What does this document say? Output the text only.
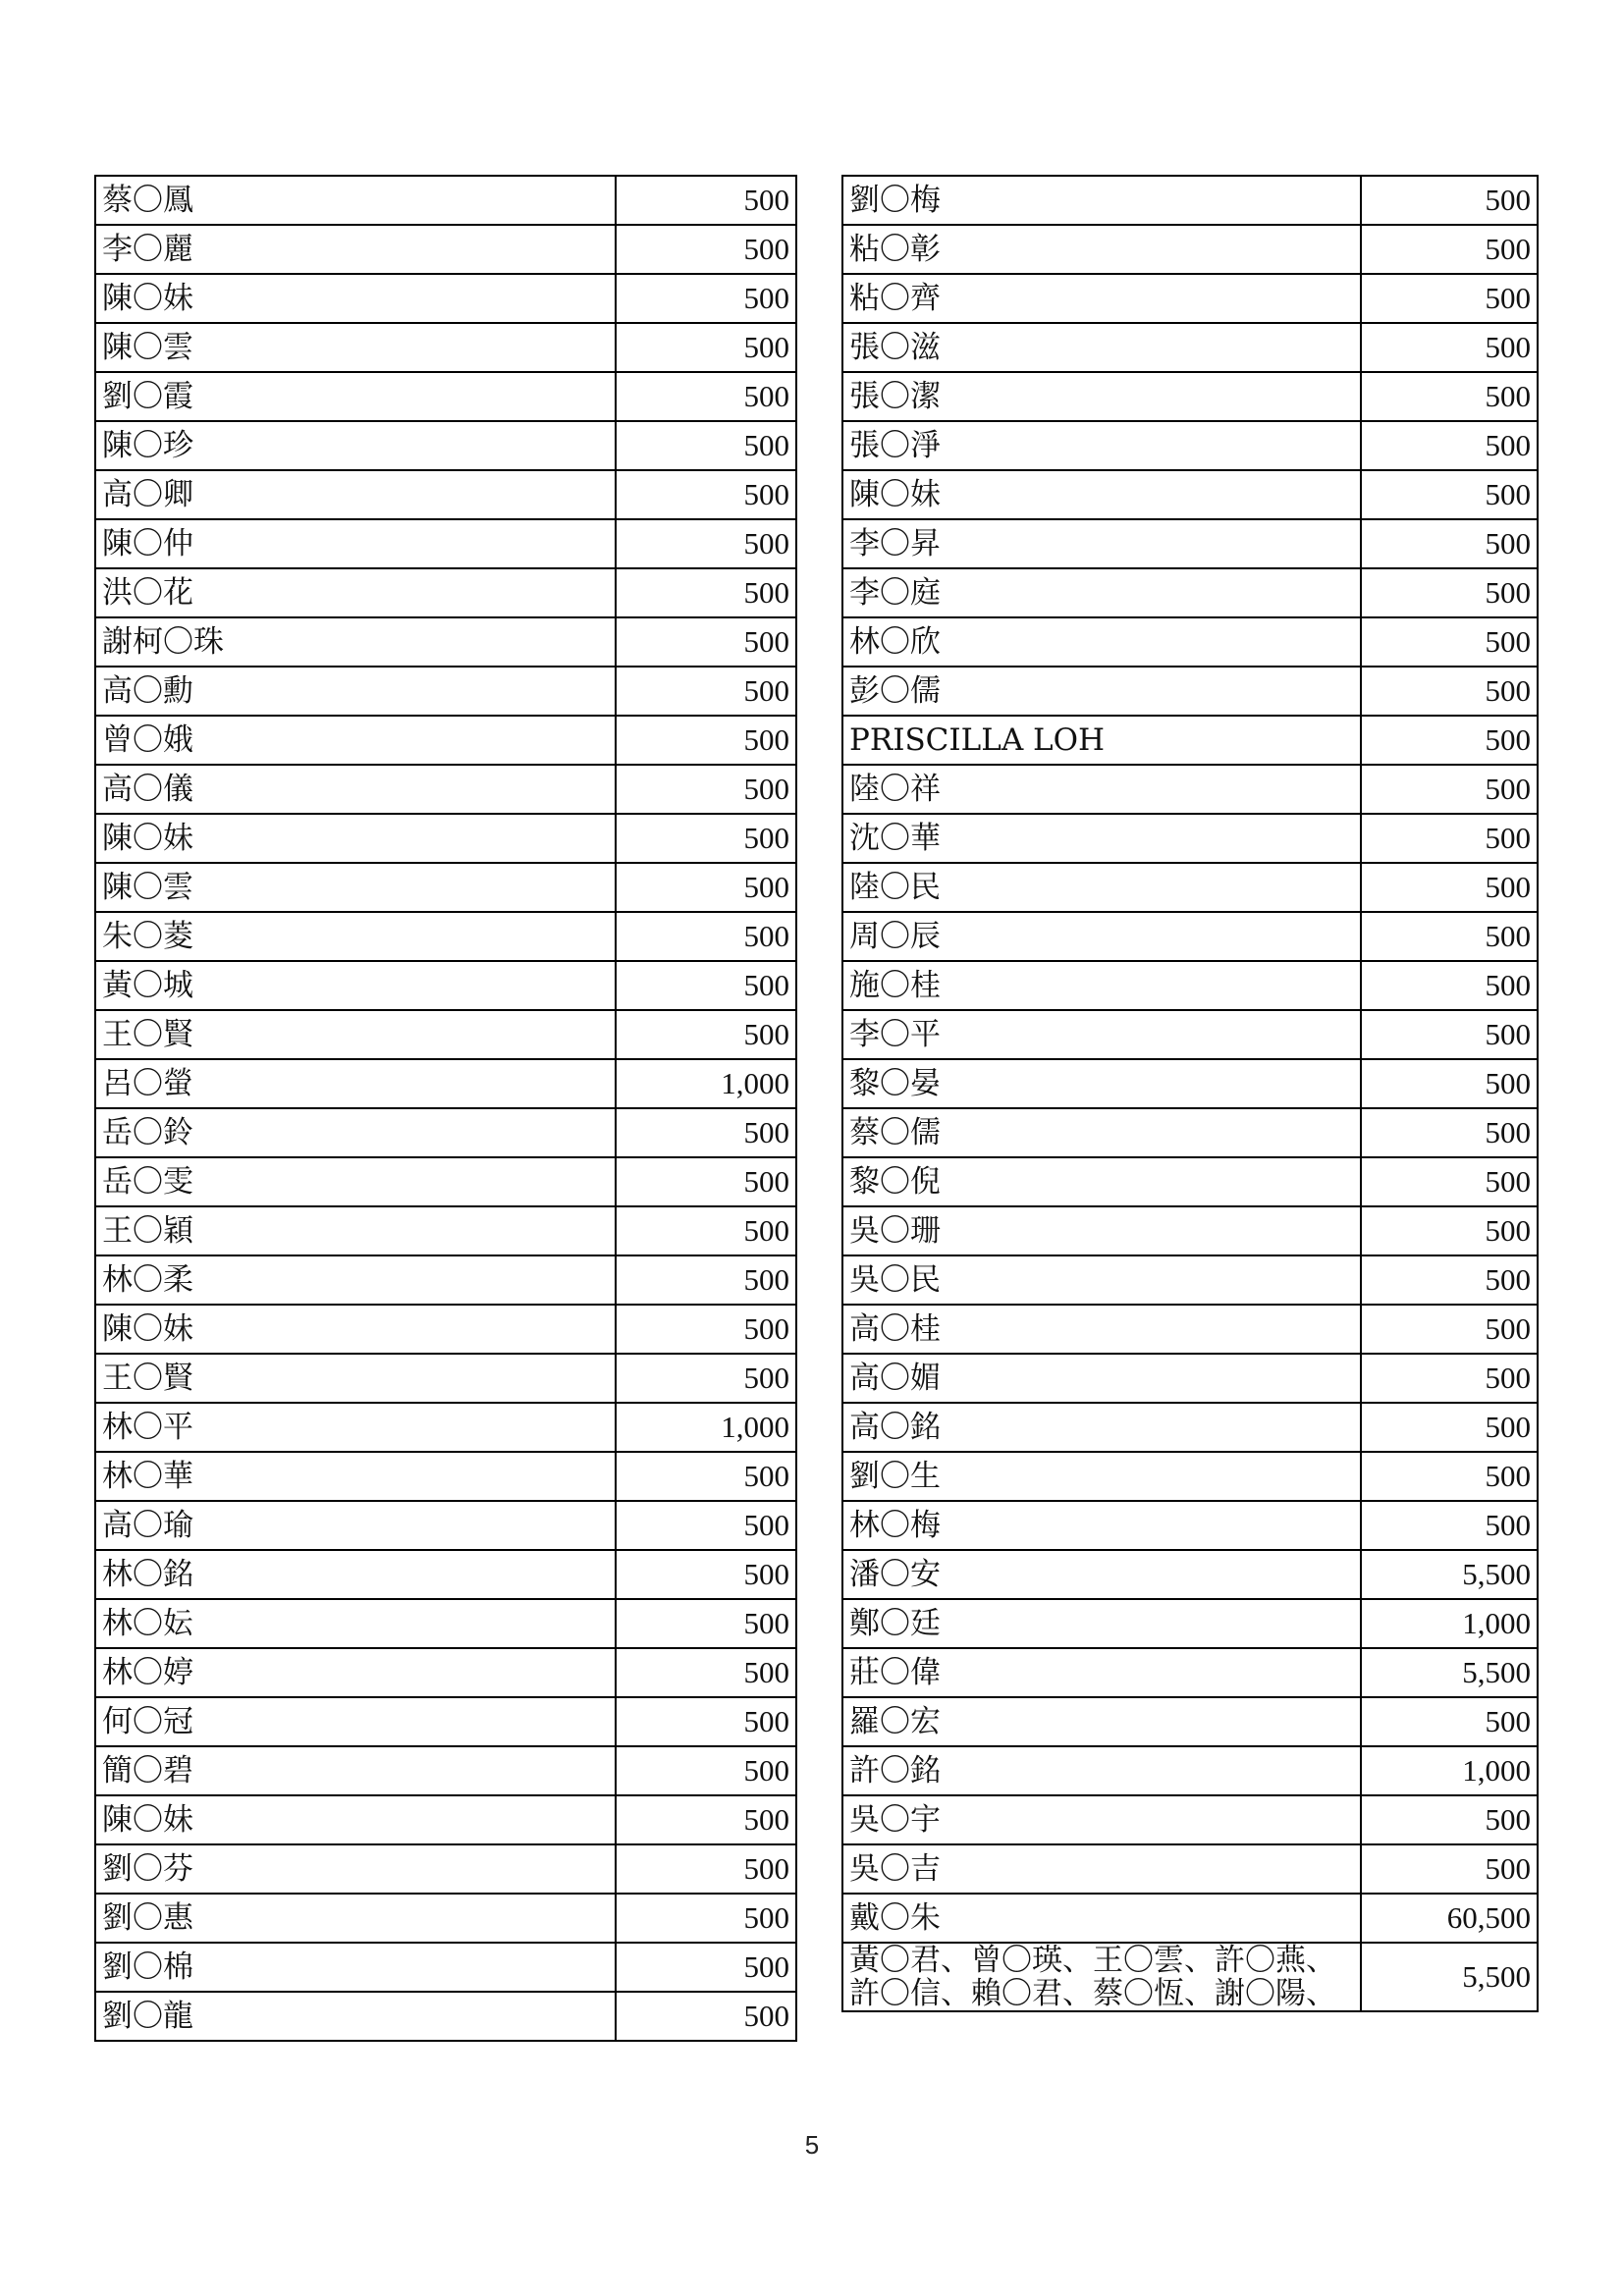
蔡〇鳳	500
李〇麗	500
陳〇妹	500
陳〇雲	500
劉〇霞	500
陳〇珍	500
高〇卿	500
陳〇仲	500
洪〇花	500
謝柯〇珠	500
高〇勳	500
曾〇娥	500
高〇儀	500
陳〇妹	500
陳〇雲	500
朱〇菱	500
黃〇城	500
王〇賢	500
呂〇螢	1,000
岳〇鈴	500
岳〇雯	500
王〇穎	500
林〇柔	500
陳〇妹	500
王〇賢	500
林〇平	1,000
林〇華	500
高〇瑜	500
林〇銘	500
林〇妘	500
林〇婷	500
何〇冠	500
簡〇碧	500
陳〇妹	500
劉〇芬	500
劉〇惠	500
劉〇棉	500
劉〇龍	500
劉〇梅	500
粘〇彰	500
粘〇齊	500
張〇滋	500
張〇潔	500
張〇淨	500
陳〇妹	500
李〇昇	500
李〇庭	500
林〇欣	500
彭〇儒	500
PRISCILLA LOH	500
陸〇祥	500
沈〇華	500
陸〇民	500
周〇辰	500
施〇桂	500
李〇平	500
黎〇晏	500
蔡〇儒	500
黎〇倪	500
吳〇珊	500
吳〇民	500
高〇桂	500
高〇媚	500
高〇銘	500
劉〇生	500
林〇梅	500
潘〇安	5,500
鄭〇廷	1,000
莊〇偉	5,500
羅〇宏	500
許〇銘	1,000
吳〇宇	500
吳〇吉	500
戴〇朱	60,500
黃〇君、曾〇瑛、王〇雲、許〇燕、
許〇信、賴〇君、蔡〇恆、謝〇陽、	5,500
5
